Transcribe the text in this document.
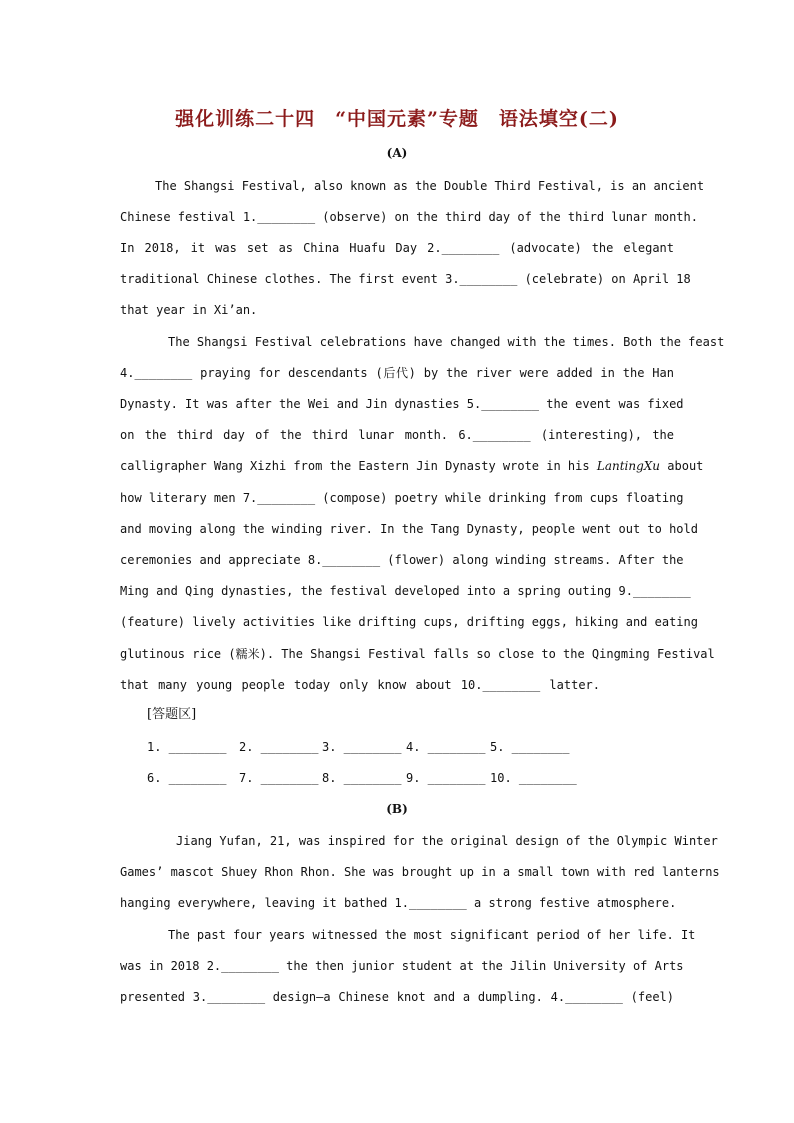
强化训练二十四　“中国元素”专题　语法填空(二)
(A)
The Shangsi Festival, also known as the Double Third Festival, is an ancient
Chinese festival 1.________ (observe) on the third day of the third lunar month.
In 2018, it was set as China Huafu Day 2.________ (advocate) the elegant
traditional Chinese clothes. The first event 3.________ (celebrate) on April 18
that year in Xi’an.
The Shangsi Festival celebrations have changed with the times. Both the feast
4.________ praying for descendants (后代) by the river were added in the Han
Dynasty. It was after the Wei and Jin dynasties 5.________ the event was fixed
on the third day of the third lunar month. 6.________ (interesting), the
calligrapher Wang Xizhi from the Eastern Jin Dynasty wrote in his LantingXu about
how literary men 7.________ (compose) poetry while drinking from cups floating
and moving along the winding river. In the Tang Dynasty, people went out to hold
ceremonies and appreciate 8.________ (flower) along winding streams. After the
Ming and Qing dynasties, the festival developed into a spring outing 9.________
(feature) lively activities like drifting cups, drifting eggs, hiking and eating
glutinous rice (糯米). The Shangsi Festival falls so close to the Qingming Festival
that many young people today only know about 10.________ latter.
[答题区]
1. ________ 2. ________ 3. ________ 4. ________ 5. ________
6. ________ 7. ________ 8. ________ 9. ________ 10. ________
(B)
Jiang Yufan, 21, was inspired for the original design of the Olympic Winter
Games’ mascot Shuey Rhon Rhon. She was brought up in a small town with red lanterns
hanging everywhere, leaving it bathed 1.________ a strong festive atmosphere.
The past four years witnessed the most significant period of her life. It
was in 2018 2.________ the then junior student at the Jilin University of Arts
presented 3.________ design—a Chinese knot and a dumpling. 4.________ (feel)
